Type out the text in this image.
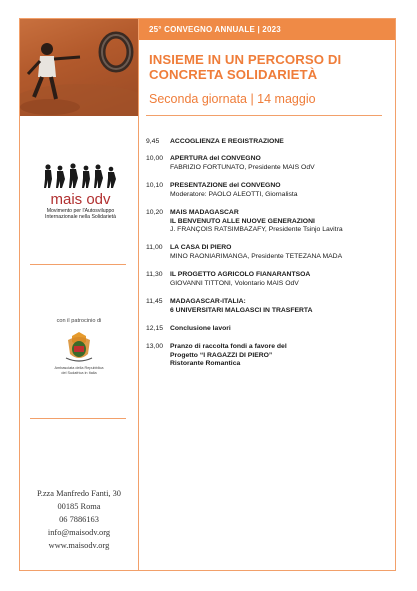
25° CONVEGNO ANNUALE | 2023
INSIEME IN UN PERCORSO DI
CONCRETA SOLIDARIETÀ
Seconda giornata | 14 maggio
9,45	ACCOGLIENZA E REGISTRAZIONE
10,00	APERTURA del CONVEGNO
FABRIZIO FORTUNATO, Presidente MAIS OdV
10,10	PRESENTAZIONE del CONVEGNO
Moderatore: PAOLO ALEOTTI, Giornalista
10,20	MAIS MADAGASCAR
IL BENVENUTO ALLE NUOVE GENERAZIONI
J. FRANÇOIS RATSIMBAZAFY, Presidente Tsinjo Lavitra
11,00	LA CASA DI PIERO
MINO RAONIARIMANGA, Presidente TETEZANA MADA
11,30	IL PROGETTO AGRICOLO FIANARANTSOA
GIOVANNI TITTONI, Volontario MAIS OdV
11,45	MADAGASCAR-ITALIA:
6 UNIVERSITARI MALGASCI IN TRASFERTA
12,15	Conclusione lavori
13,00	Pranzo di raccolta fondi a favore del
Progetto “I RAGAZZI DI PIERO”
Ristorante Romantica
mais odv
Movimento per l'Autosviluppo
Internazionale nella Solidarietà
con il patrocinio di
Ambasciata della Repubblica
del Sudafrica in Italia
P.zza Manfredo Fanti, 30
00185 Roma
06 7886163
info@maisodv.org
www.maisodv.org
